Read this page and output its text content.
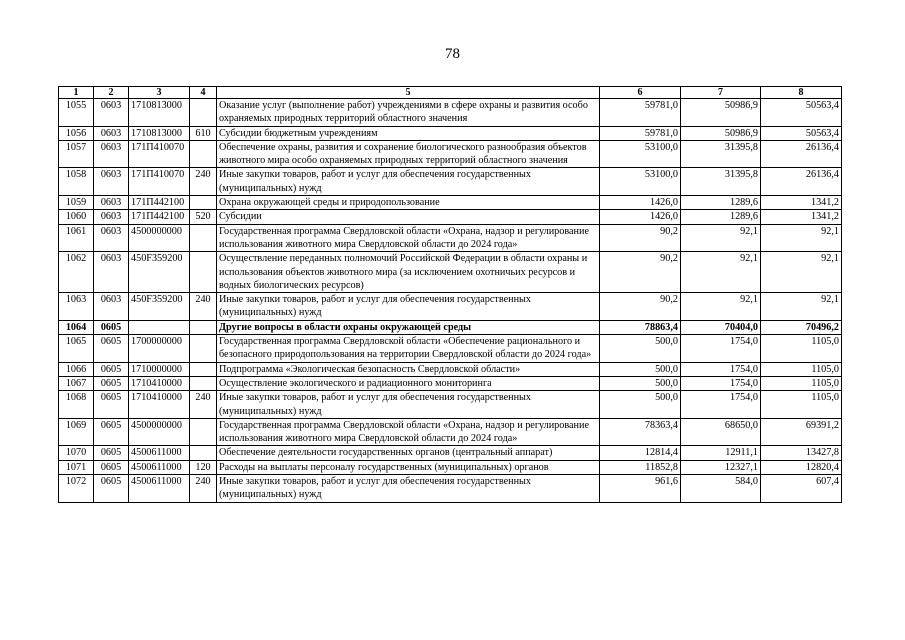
78
1	2	3	4	5	6	7	8
1055	0603	1710813000		Оказание услуг (выполнение работ) учреждениями в сфере охраны и развития особо охраняемых природных территорий областного значения	59781,0	50986,9	50563,4
1056	0603	1710813000	610	Субсидии бюджетным учреждениям	59781,0	50986,9	50563,4
1057	0603	171П410070		Обеспечение охраны, развития и сохранение биологического разнообразия объектов животного мира особо охраняемых природных территорий областного значения	53100,0	31395,8	26136,4
1058	0603	171П410070	240	Иные закупки товаров, работ и услуг для обеспечения государственных (муниципальных) нужд	53100,0	31395,8	26136,4
1059	0603	171П442100		Охрана окружающей среды и природопользование	1426,0	1289,6	1341,2
1060	0603	171П442100	520	Субсидии	1426,0	1289,6	1341,2
1061	0603	4500000000		Государственная программа Свердловской области «Охрана, надзор и регулирование использования животного мира Свердловской области до 2024 года»	90,2	92,1	92,1
1062	0603	450F359200		Осуществление переданных полномочий Российской Федерации в области охраны и использования объектов животного мира (за исключением охотничьих ресурсов и водных биологических ресурсов)	90,2	92,1	92,1
1063	0603	450F359200	240	Иные закупки товаров, работ и услуг для обеспечения государственных (муниципальных) нужд	90,2	92,1	92,1
1064	0605			Другие вопросы в области охраны окружающей среды	78863,4	70404,0	70496,2
1065	0605	1700000000		Государственная программа Свердловской области «Обеспечение рационального и безопасного природопользования на территории Свердловской области до 2024 года»	500,0	1754,0	1105,0
1066	0605	1710000000		Подпрограмма «Экологическая безопасность Свердловской области»	500,0	1754,0	1105,0
1067	0605	1710410000		Осуществление экологического и радиационного мониторинга	500,0	1754,0	1105,0
1068	0605	1710410000	240	Иные закупки товаров, работ и услуг для обеспечения государственных (муниципальных) нужд	500,0	1754,0	1105,0
1069	0605	4500000000		Государственная программа Свердловской области «Охрана, надзор и регулирование использования животного мира Свердловской области до 2024 года»	78363,4	68650,0	69391,2
1070	0605	4500611000		Обеспечение деятельности государственных органов (центральный аппарат)	12814,4	12911,1	13427,8
1071	0605	4500611000	120	Расходы на выплаты персоналу государственных (муниципальных) органов	11852,8	12327,1	12820,4
1072	0605	4500611000	240	Иные закупки товаров, работ и услуг для обеспечения государственных (муниципальных) нужд	961,6	584,0	607,4
